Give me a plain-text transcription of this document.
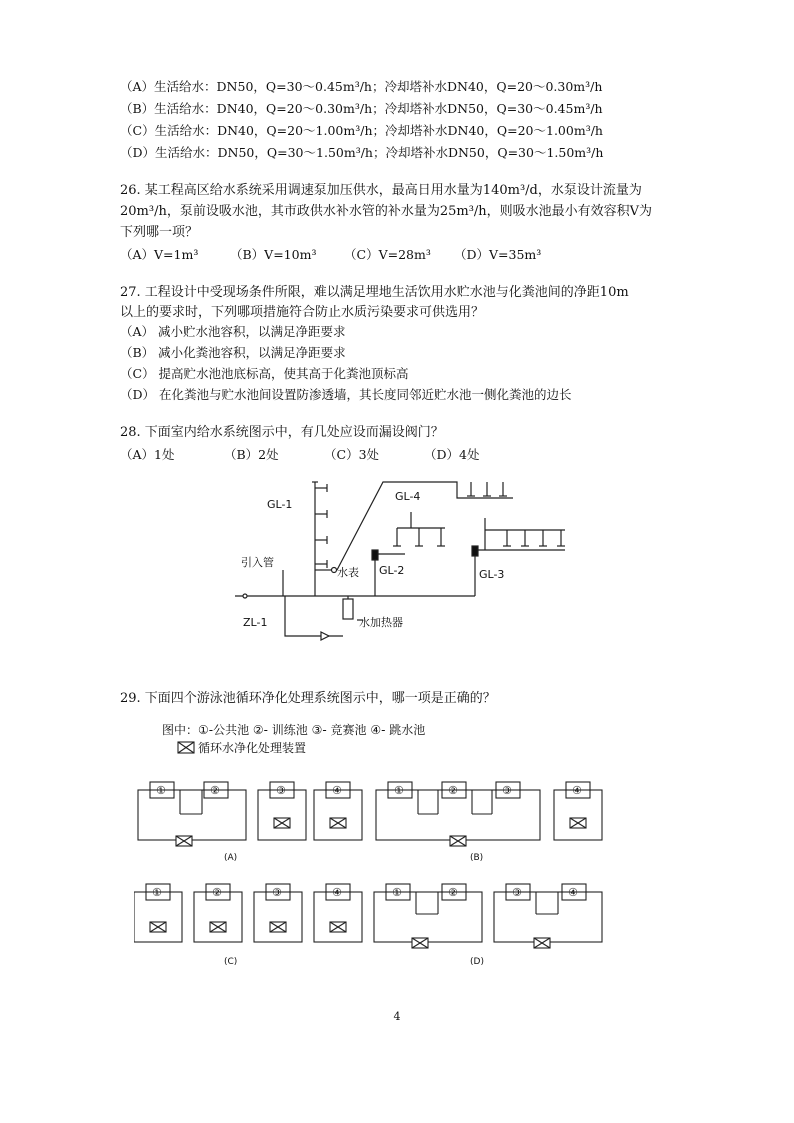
（A）生活给水：DN50，Q=30～0.45m³/h；冷却塔补水DN40，Q=20～0.30m³/h
（B）生活给水：DN40，Q=20～0.30m³/h；冷却塔补水DN50，Q=30～0.45m³/h
（C）生活给水：DN40，Q=20～1.00m³/h；冷却塔补水DN40，Q=20～1.00m³/h
（D）生活给水：DN50，Q=30～1.50m³/h；冷却塔补水DN50，Q=30～1.50m³/h
26. 某工程高区给水系统采用调速泵加压供水，最高日用水量为140m³/d，水泵设计流量为
20m³/h，泵前设吸水池，其市政供水补水管的补水量为25m³/h，则吸水池最小有效容积V为
下列哪一项？
（A）V=1m³	（B）V=10m³ （C）V=28m³ （D）V=35m³
27. 工程设计中受现场条件所限，难以满足埋地生活饮用水贮水池与化粪池间的净距10m
以上的要求时，下列哪项措施符合防止水质污染要求可供选用？
（A） 减小贮水池容积，以满足净距要求
（B） 减小化粪池容积，以满足净距要求
（C） 提高贮水池池底标高，使其高于化粪池顶标高
（D） 在化粪池与贮水池间设置防渗透墙，其长度同邻近贮水池一侧化粪池的边长
28. 下面室内给水系统图示中，有几处应设而漏设阀门？
（A）1处	（B）2处	（C）3处	（D）4处
GL-1
GL-4
GL-2	GL-3
引入管
水表
ZL-1	水加热器
29. 下面四个游泳池循环净化处理系统图示中，哪一项是正确的？
图中：①-公共池 ②- 训练池 ③- 竞赛池 ④- 跳水池
循环水净化处理装置
①	②
(A)
③	④	①	②	③
(B)
④
①	②	③	④
(C)
①	②	③	④
(D)
4
